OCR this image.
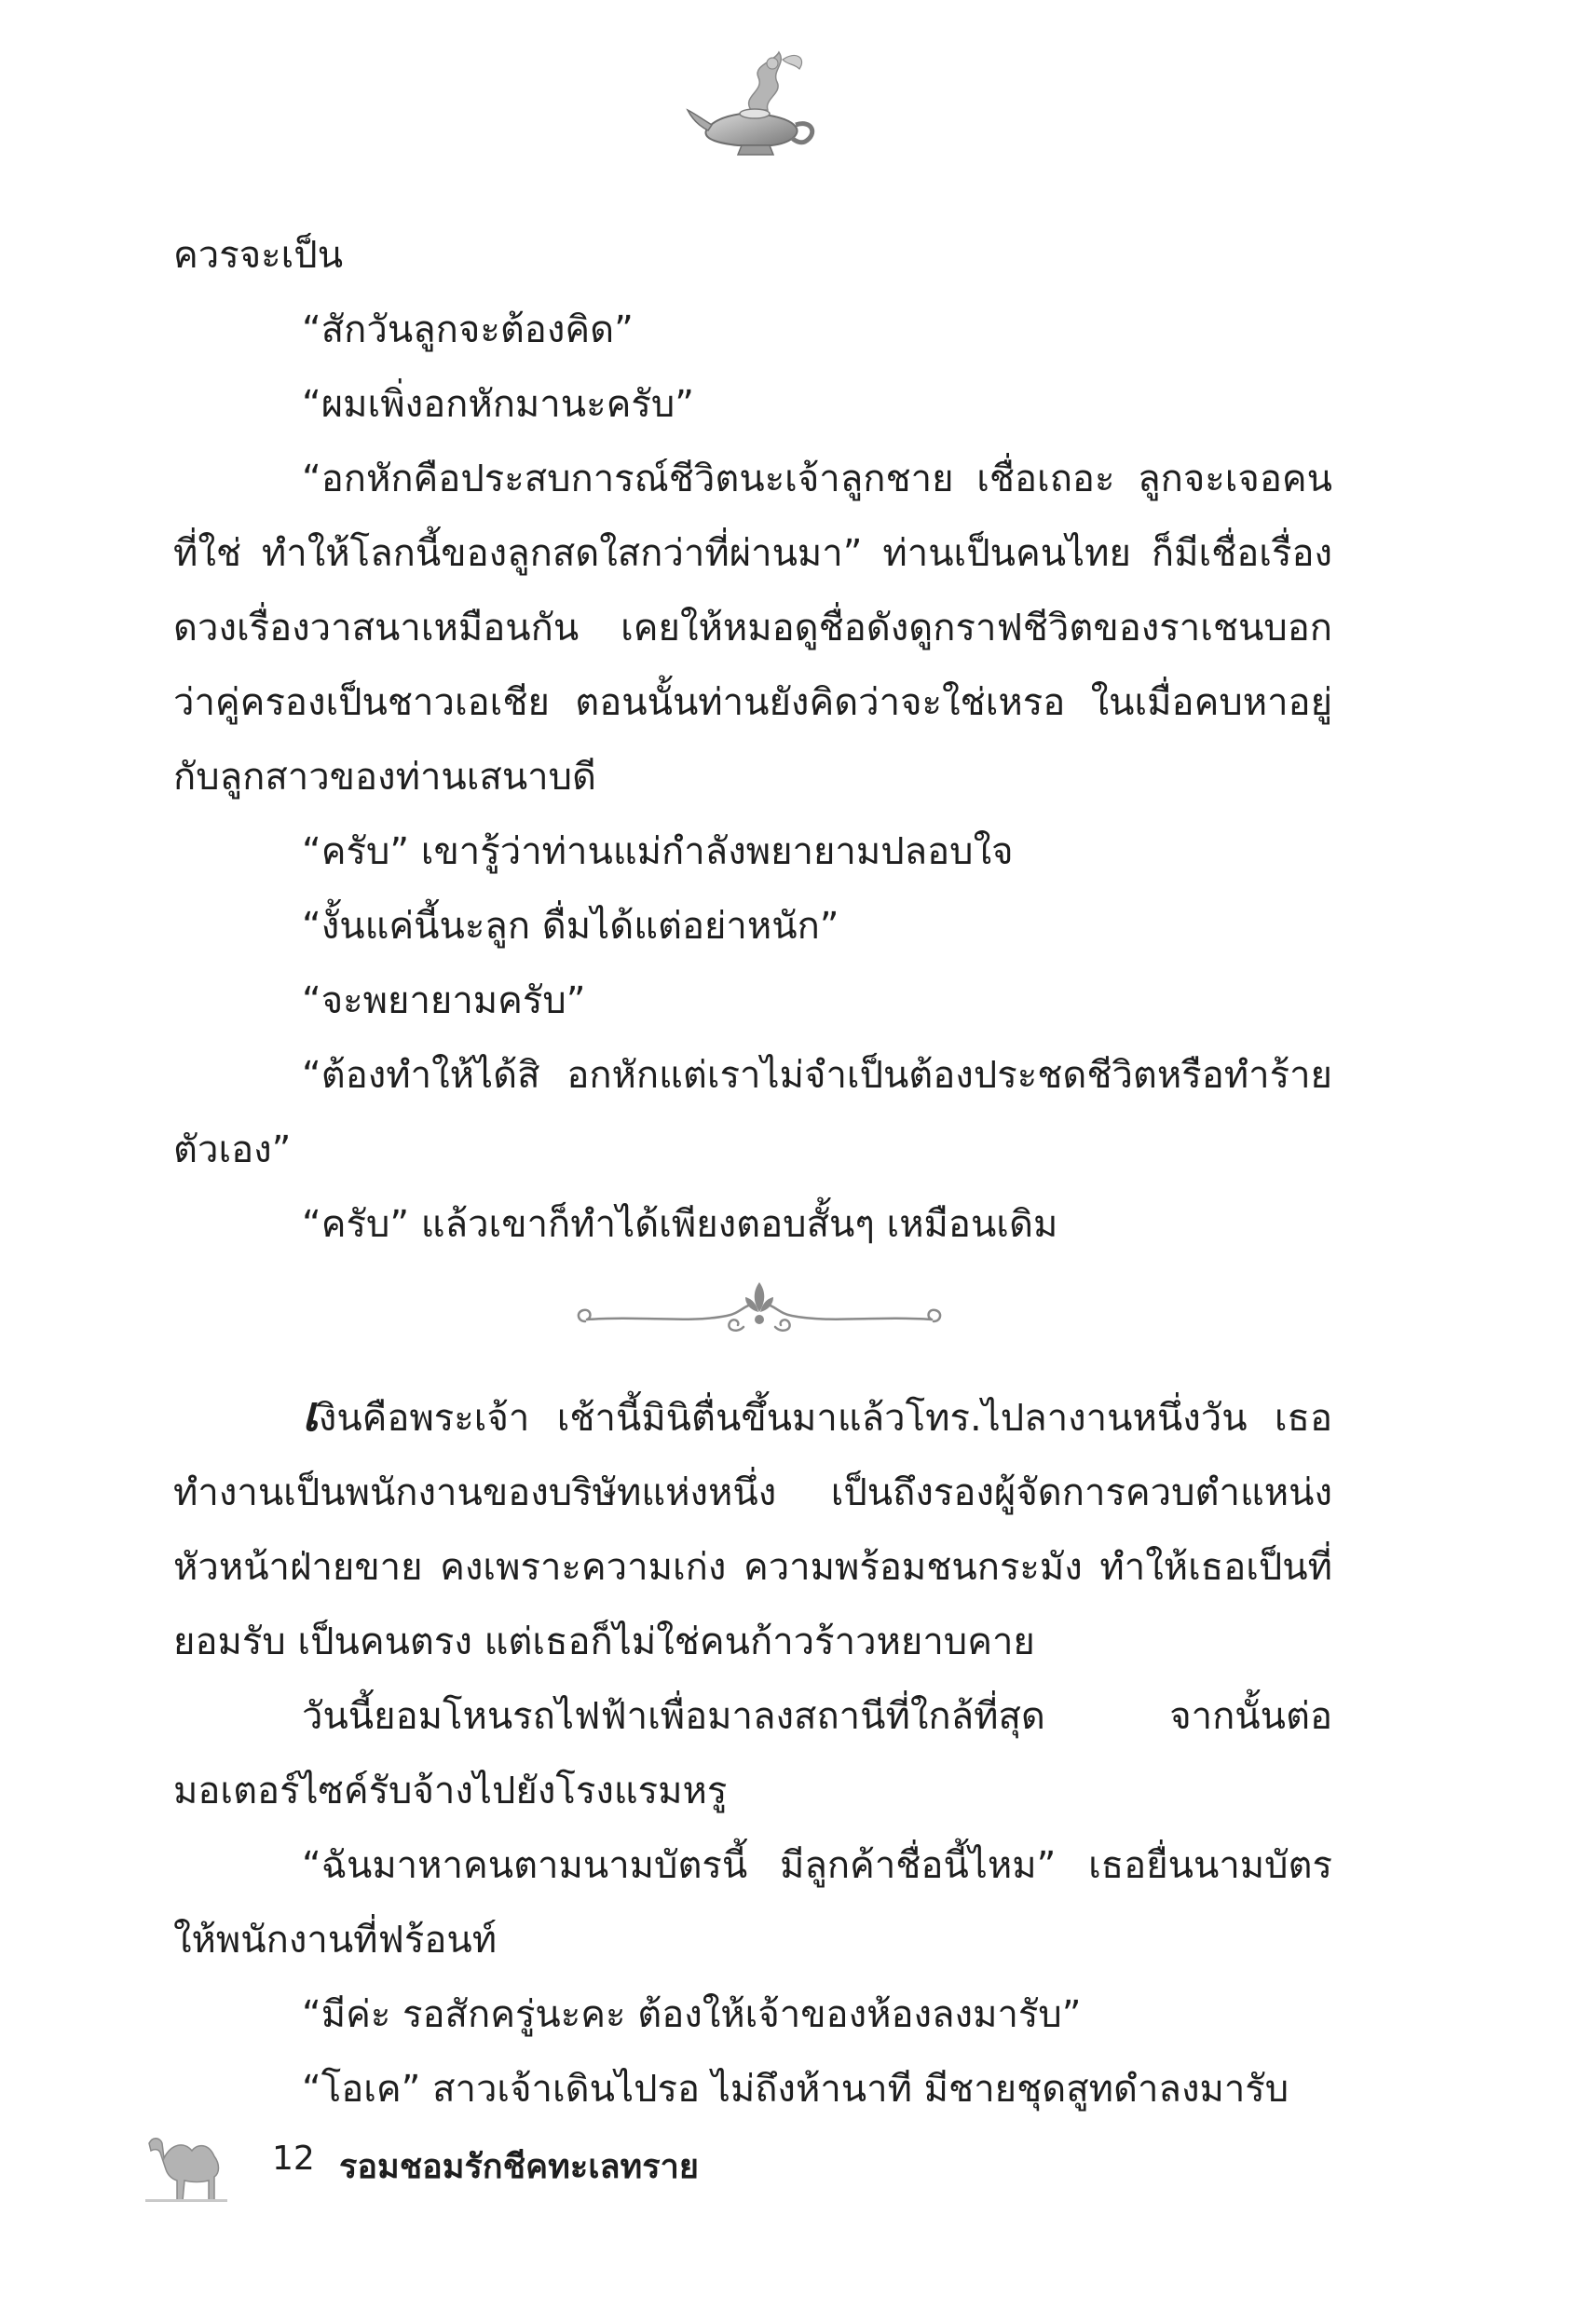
ควรจะเป็น

“สักวันลูกจะต้องคิด”

“ผมเพิ่งอกหักมานะครับ”

“อกหักคือประสบการณ์ชีวิตนะเจ้าลูกชาย เชื่อเถอะ ลูกจะเจอคนที่ใช่ ทำให้โลกนี้ของลูกสดใสกว่าที่ผ่านมา” ท่านเป็นคนไทย ก็มีเชื่อเรื่องดวงเรื่องวาสนาเหมือนกัน เคยให้หมอดูชื่อดังดูกราฟชีวิตของราเชนบอกว่าคู่ครองเป็นชาวเอเชีย ตอนนั้นท่านยังคิดว่าจะใช่เหรอ ในเมื่อคบหาอยู่กับลูกสาวของท่านเสนาบดี

“ครับ” เขารู้ว่าท่านแม่กำลังพยายามปลอบใจ

“งั้นแค่นี้นะลูก ดื่มได้แต่อย่าหนัก”

“จะพยายามครับ”

“ต้องทำให้ได้สิ อกหักแต่เราไม่จำเป็นต้องประชดชีวิตหรือทำร้ายตัวเอง”

“ครับ” แล้วเขาก็ทำได้เพียงตอบสั้นๆ เหมือนเดิม

เงินคือพระเจ้า เช้านี้มินิตื่นขึ้นมาแล้วโทร.ไปลางานหนึ่งวัน เธอทำงานเป็นพนักงานของบริษัทแห่งหนึ่ง เป็นถึงรองผู้จัดการควบตำแหน่งหัวหน้าฝ่ายขาย คงเพราะความเก่ง ความพร้อมชนกระมัง ทำให้เธอเป็นที่ยอมรับ เป็นคนตรง แต่เธอก็ไม่ใช่คนก้าวร้าวหยาบคาย

วันนี้ยอมโหนรถไฟฟ้าเพื่อมาลงสถานีที่ใกล้ที่สุด จากนั้นต่อมอเตอร์ไซค์รับจ้างไปยังโรงแรมหรู

“ฉันมาหาคนตามนามบัตรนี้ มีลูกค้าชื่อนี้ไหม” เธอยื่นนามบัตรให้พนักงานที่ฟร้อนท์

“มีค่ะ รอสักครู่นะคะ ต้องให้เจ้าของห้องลงมารับ”

“โอเค” สาวเจ้าเดินไปรอ ไม่ถึงห้านาที มีชายชุดสูทดำลงมารับ

12 รอมชอมรักชีคทะเลทราย
